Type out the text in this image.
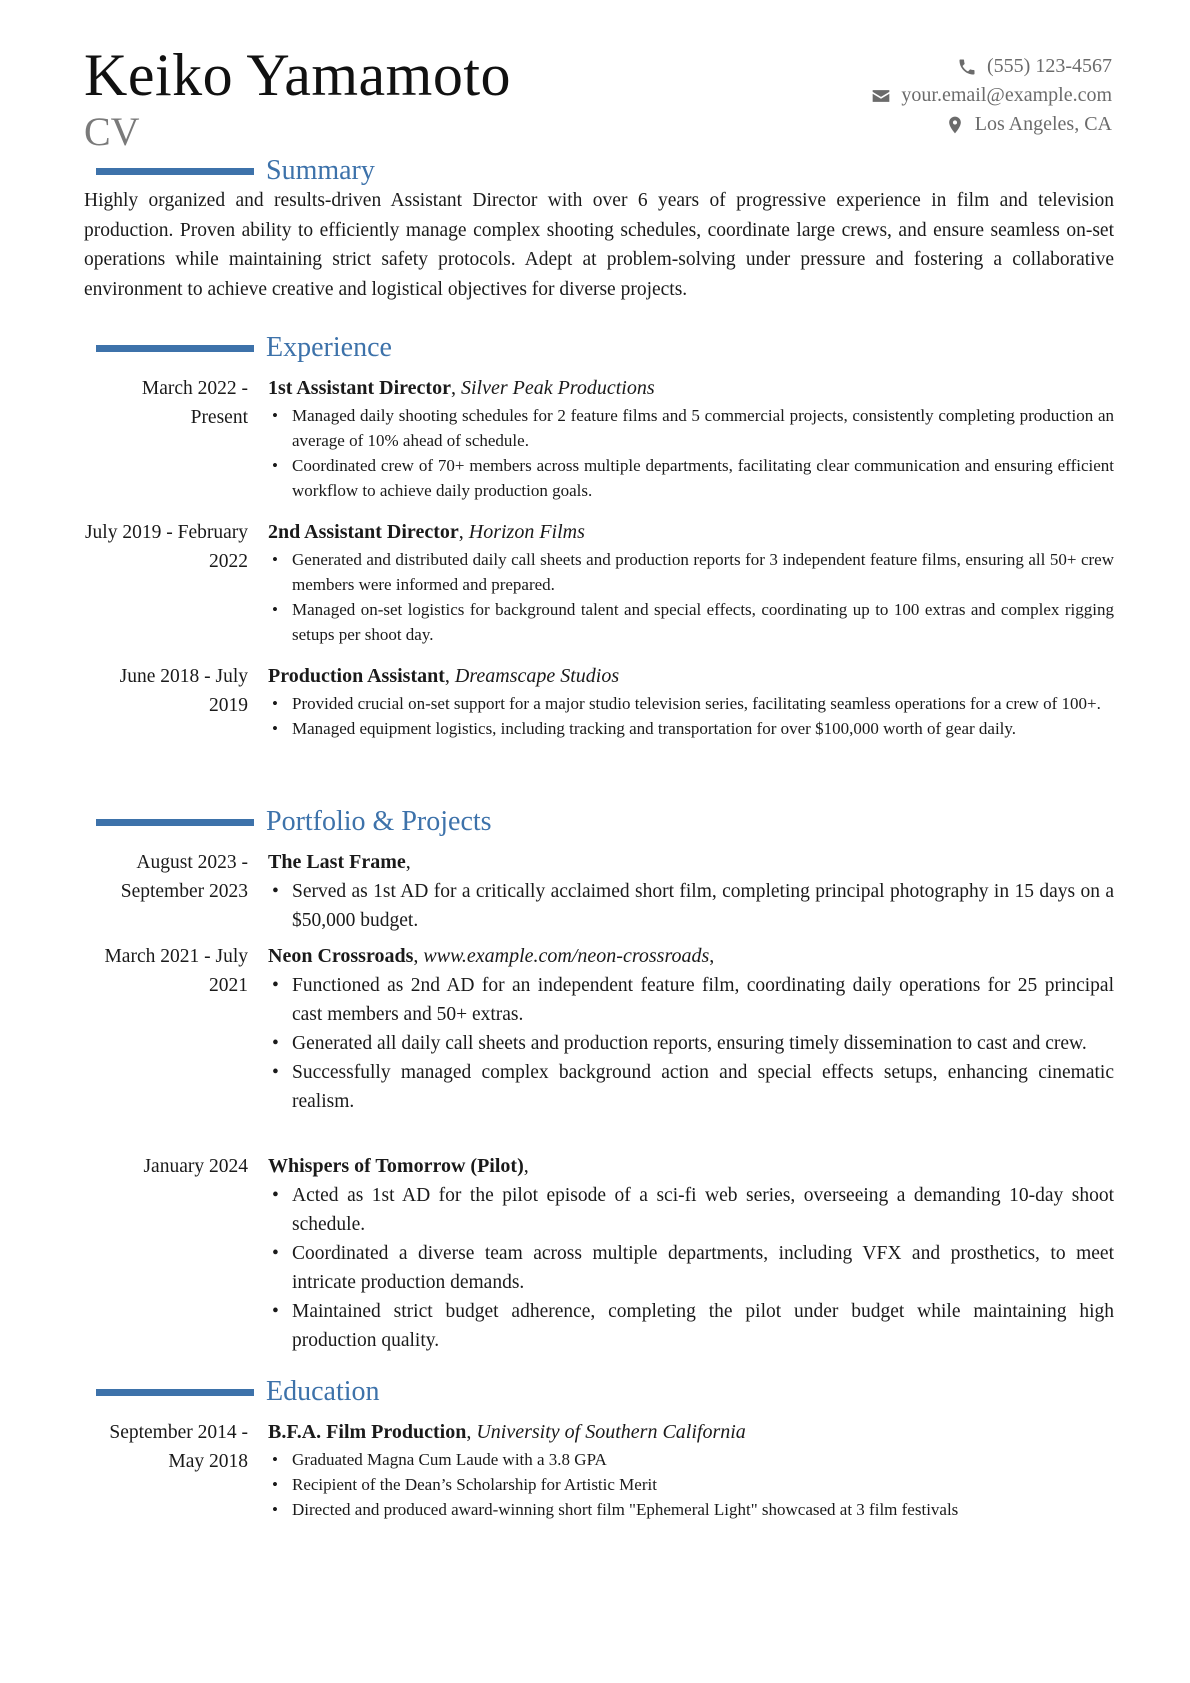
Keiko Yamamoto
CV
(555) 123-4567
your.email@example.com
Los Angeles, CA
Summary
Highly organized and results-driven Assistant Director with over 6 years of progressive experience in film and television production. Proven ability to efficiently manage complex shooting schedules, coordinate large crews, and ensure seamless on-set operations while maintaining strict safety protocols. Adept at problem-solving under pressure and fostering a collaborative environment to achieve creative and logistical objectives for diverse projects.
Experience
March 2022 - Present
1st Assistant Director, Silver Peak Productions
• Managed daily shooting schedules for 2 feature films and 5 commercial projects, consistently completing production an average of 10% ahead of schedule.
• Coordinated crew of 70+ members across multiple departments, facilitating clear communication and ensuring efficient workflow to achieve daily production goals.
July 2019 - February 2022
2nd Assistant Director, Horizon Films
• Generated and distributed daily call sheets and production reports for 3 independent feature films, ensuring all 50+ crew members were informed and prepared.
• Managed on-set logistics for background talent and special effects, coordinating up to 100 extras and complex rigging setups per shoot day.
June 2018 - July 2019
Production Assistant, Dreamscape Studios
• Provided crucial on-set support for a major studio television series, facilitating seamless operations for a crew of 100+.
• Managed equipment logistics, including tracking and transportation for over $100,000 worth of gear daily.
Portfolio & Projects
August 2023 - September 2023
The Last Frame,
• Served as 1st AD for a critically acclaimed short film, completing principal photography in 15 days on a $50,000 budget.
March 2021 - July 2021
Neon Crossroads, www.example.com/neon-crossroads,
• Functioned as 2nd AD for an independent feature film, coordinating daily operations for 25 principal cast members and 50+ extras.
• Generated all daily call sheets and production reports, ensuring timely dissemination to cast and crew.
• Successfully managed complex background action and special effects setups, enhancing cinematic realism.
January 2024 Whispers of Tomorrow (Pilot),
• Acted as 1st AD for the pilot episode of a sci-fi web series, overseeing a demanding 10-day shoot schedule.
• Coordinated a diverse team across multiple departments, including VFX and prosthetics, to meet intricate production demands.
• Maintained strict budget adherence, completing the pilot under budget while maintaining high production quality.
Education
September 2014 - May 2018
B.F.A. Film Production, University of Southern California
• Graduated Magna Cum Laude with a 3.8 GPA
• Recipient of the Dean’s Scholarship for Artistic Merit
• Directed and produced award-winning short film "Ephemeral Light" showcased at 3 film festivals
